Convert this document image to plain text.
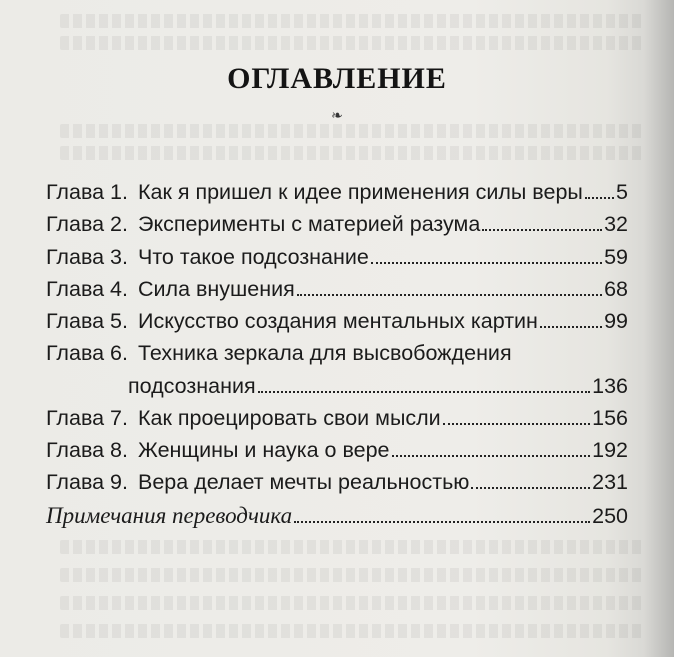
ОГЛАВЛЕНИЕ
❧
Глава 1. Как я пришел к идее применения силы веры 5
Глава 2. Эксперименты с материей разума	32
Глава 3. Что такое подсознание	59
Глава 4. Сила внушения	68
Глава 5. Искусство создания ментальных картин	99
Глава 6. Техника зеркала для высвобождения
подсознания	136
Глава 7. Как проецировать свои мысли	156
Глава 8. Женщины и наука о вере	192
Глава 9. Вера делает мечты реальностью	231
Примечания переводчика	250
